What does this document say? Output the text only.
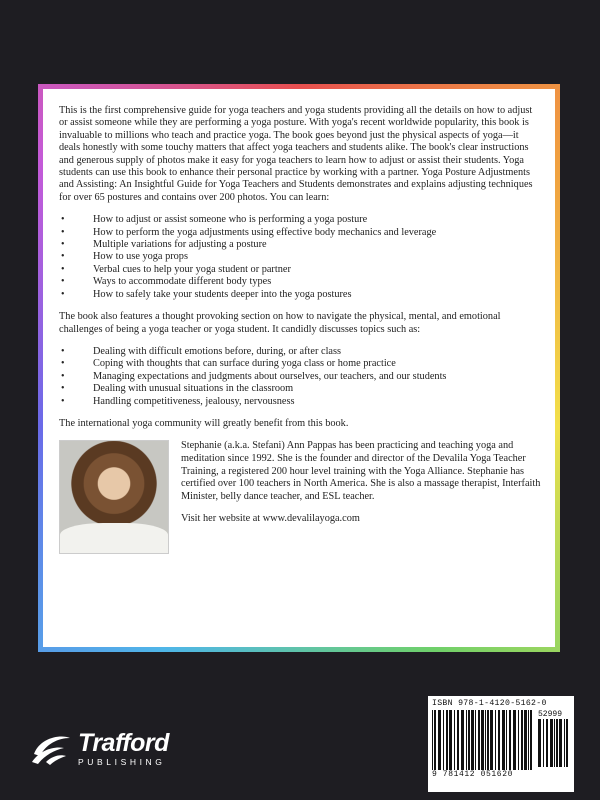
This is the first comprehensive guide for yoga teachers and yoga students providing all the details on how to adjust or assist someone while they are performing a yoga posture. With yoga's recent worldwide popularity, this book is invaluable to millions who teach and practice yoga. The book goes beyond just the physical aspects of yoga—it deals honestly with some touchy matters that affect yoga teachers and students alike. The book's clear instructions and generous supply of photos make it easy for yoga teachers to learn how to adjust or assist their students. Yoga students can use this book to enhance their personal practice by working with a partner. Yoga Posture Adjustments and Assisting: An Insightful Guide for Yoga Teachers and Students demonstrates and explains adjusting techniques for over 65 postures and contains over 200 photos. You can learn:

• How to adjust or assist someone who is performing a yoga posture
• How to perform the yoga adjustments using effective body mechanics and leverage
• Multiple variations for adjusting a posture
• How to use yoga props
• Verbal cues to help your yoga student or partner
• Ways to accommodate different body types
• How to safely take your students deeper into the yoga postures

The book also features a thought provoking section on how to navigate the physical, mental, and emotional challenges of being a yoga teacher or yoga student. It candidly discusses topics such as:

• Dealing with difficult emotions before, during, or after class
• Coping with thoughts that can surface during yoga class or home practice
• Managing expectations and judgments about ourselves, our teachers, and our students
• Dealing with unusual situations in the classroom
• Handling competitiveness, jealousy, nervousness

The international yoga community will greatly benefit from this book.

Stephanie (a.k.a. Stefani) Ann Pappas has been practicing and teaching yoga and meditation since 1992. She is the founder and director of the Devalila Yoga Teacher Training, a registered 200 hour level training with the Yoga Alliance. Stephanie has certified over 100 teachers in North America. She is also a massage therapist, Interfaith Minister, belly dance teacher, and ESL teacher.

Visit her website at www.devalilayoga.com

Trafford
PUBLISHING
ISBN 978-1-4120-5162-0
52999
9 781412 051620
